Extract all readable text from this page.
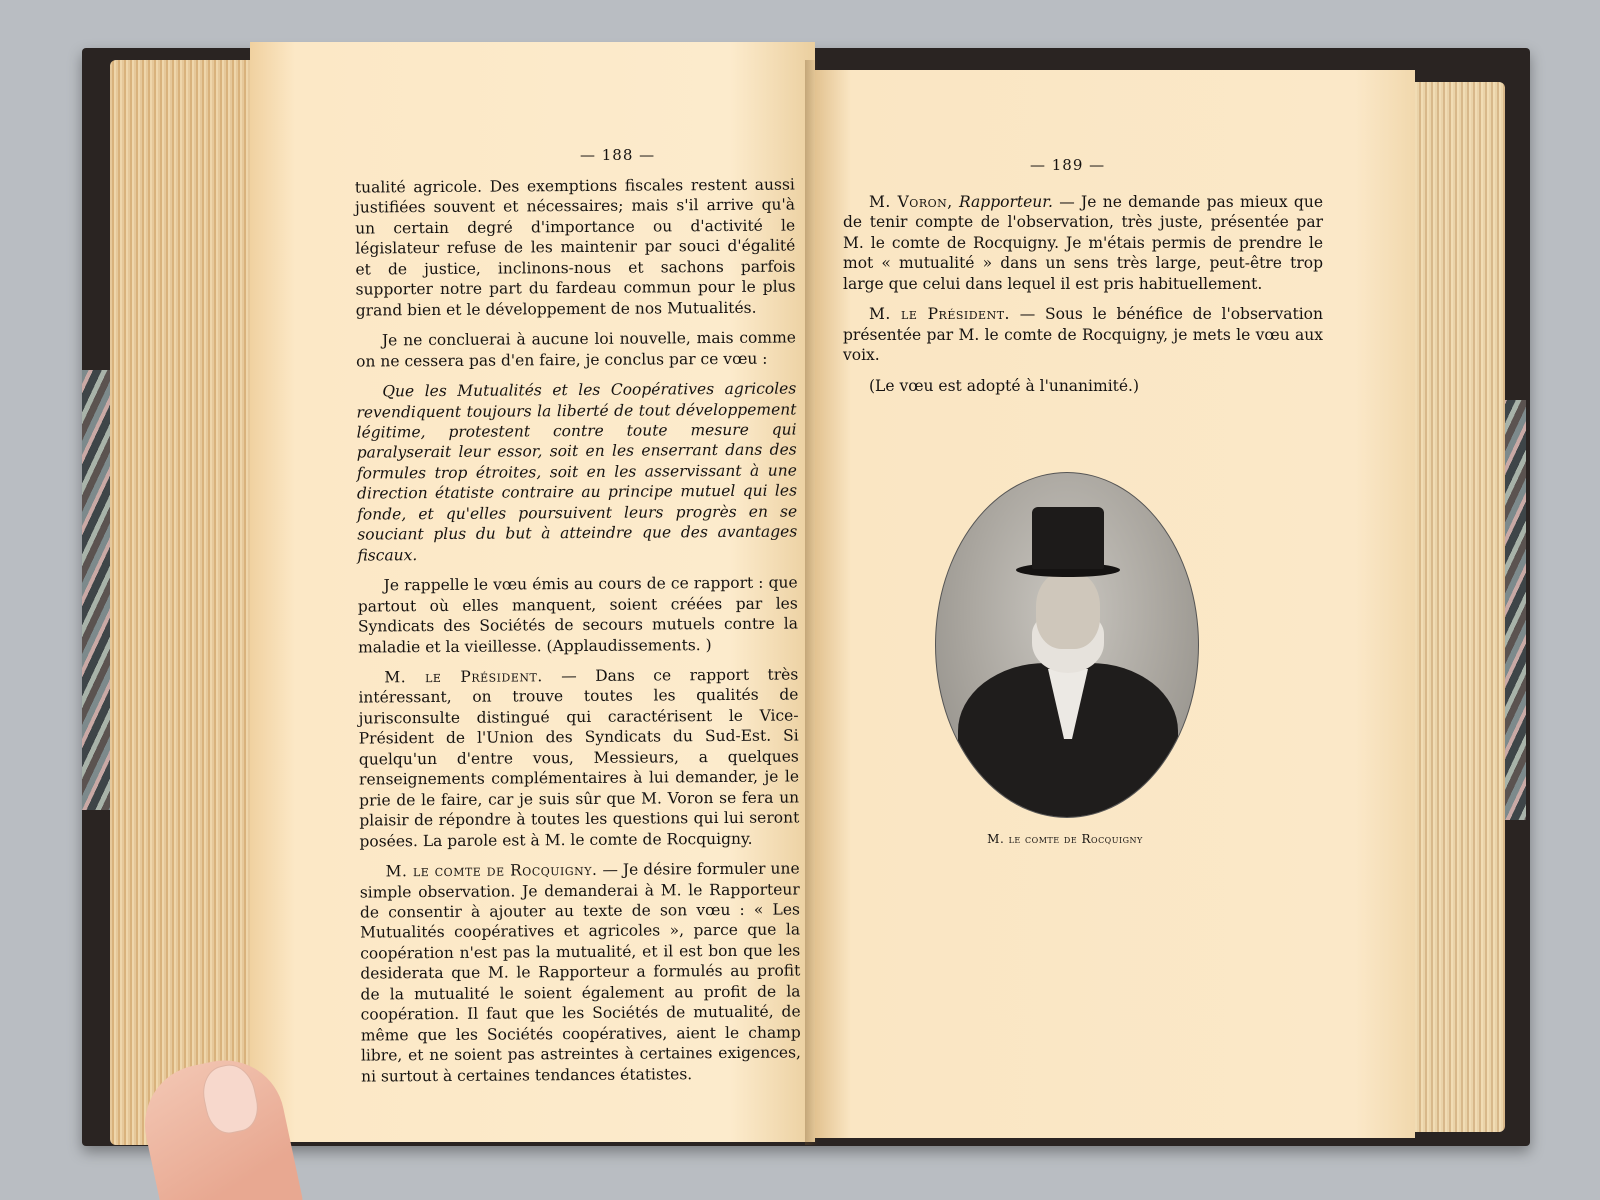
— 188 —

tualité agricole. Des exemptions fiscales restent aussi justifiées souvent et nécessaires; mais s'il arrive qu'à un certain degré d'importance ou d'activité le législateur refuse de les maintenir par souci d'égalité et de justice, inclinons-nous et sachons parfois supporter notre part du fardeau commun pour le plus grand bien et le développement de nos Mutualités.

Je ne concluerai à aucune loi nouvelle, mais comme on ne cessera pas d'en faire, je conclus par ce vœu :

Que les Mutualités et les Coopératives agricoles revendiquent toujours la liberté de tout développement légitime, protestent contre toute mesure qui paralyserait leur essor, soit en les enserrant dans des formules trop étroites, soit en les asservissant à une direction étatiste contraire au principe mutuel qui les fonde, et qu'elles poursuivent leurs progrès en se souciant plus du but à atteindre que des avantages fiscaux.

Je rappelle le vœu émis au cours de ce rapport : que partout où elles manquent, soient créées par les Syndicats des Sociétés de secours mutuels contre la maladie et la vieillesse. (Applaudissements. )

M. le Président. — Dans ce rapport très intéressant, on trouve toutes les qualités de jurisconsulte distingué qui caractérisent le Vice-Président de l'Union des Syndicats du Sud-Est. Si quelqu'un d'entre vous, Messieurs, a quelques renseignements complémentaires à lui demander, je le prie de le faire, car je suis sûr que M. Voron se fera un plaisir de répondre à toutes les questions qui lui seront posées. La parole est à M. le comte de Rocquigny.

M. le comte de Rocquigny. — Je désire formuler une simple observation. Je demanderai à M. le Rapporteur de consentir à ajouter au texte de son vœu : « Les Mutualités coopératives et agricoles », parce que la coopération n'est pas la mutualité, et il est bon que les desiderata que M. le Rapporteur a formulés au profit de la mutualité le soient également au profit de la coopération. Il faut que les Sociétés de mutualité, de même que les Sociétés coopératives, aient le champ libre, et ne soient pas astreintes à certaines exigences, ni surtout à certaines tendances étatistes.

— 189 —

M. Voron, Rapporteur. — Je ne demande pas mieux que de tenir compte de l'observation, très juste, présentée par M. le comte de Rocquigny. Je m'étais permis de prendre le mot « mutualité » dans un sens très large, peut-être trop large que celui dans lequel il est pris habituellement.

M. le Président. — Sous le bénéfice de l'observation présentée par M. le comte de Rocquigny, je mets le vœu aux voix.

(Le vœu est adopté à l'unanimité.)

M. le comte de Rocquigny
